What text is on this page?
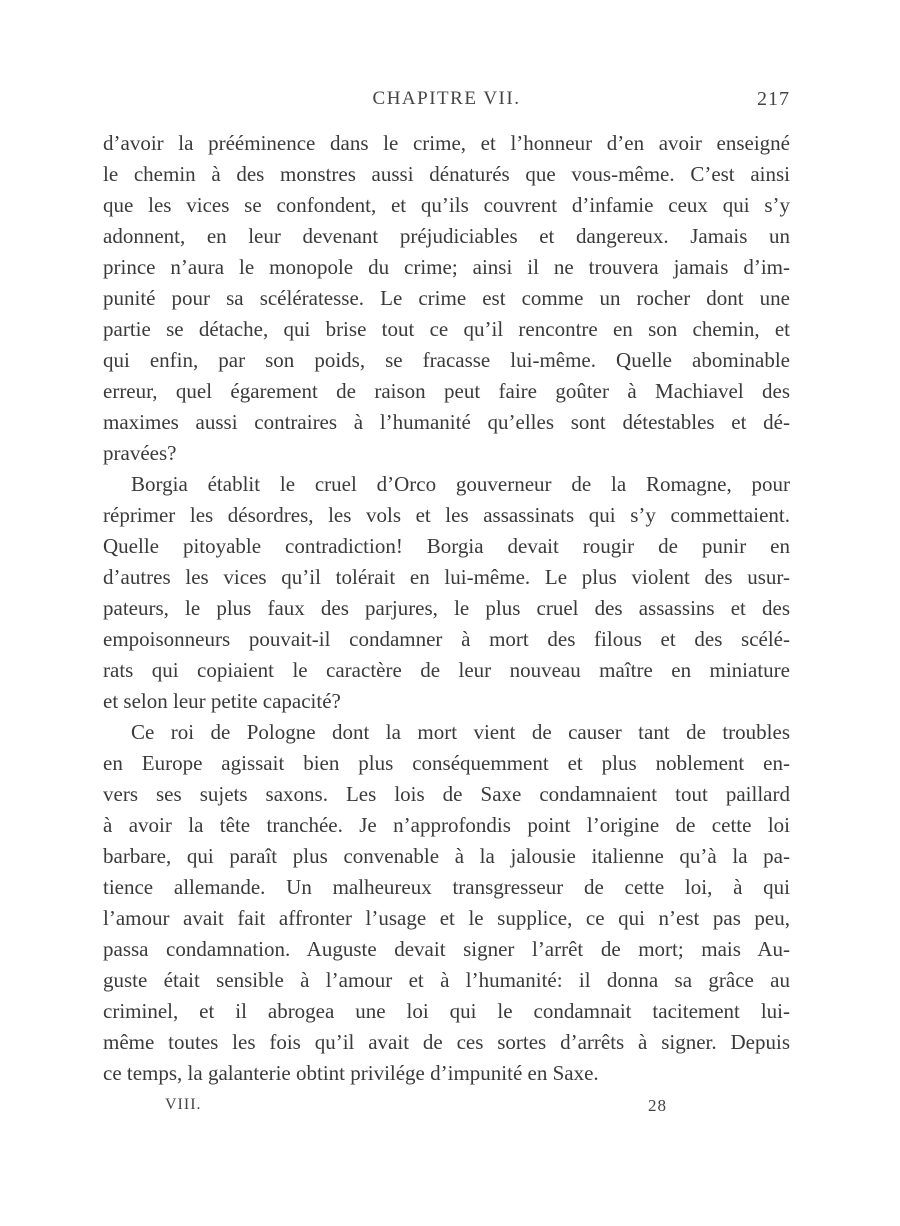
CHAPITRE VII.	217
d’avoir la prééminence dans le crime, et l’honneur d’en avoir enseigné
le chemin à des monstres aussi dénaturés que vous-même. C’est ainsi
que les vices se confondent, et qu’ils couvrent d’infamie ceux qui s’y
adonnent, en leur devenant préjudiciables et dangereux. Jamais un
prince n’aura le monopole du crime; ainsi il ne trouvera jamais d’im-
punité pour sa scélératesse. Le crime est comme un rocher dont une
partie se détache, qui brise tout ce qu’il rencontre en son chemin, et
qui enfin, par son poids, se fracasse lui-même. Quelle abominable
erreur, quel égarement de raison peut faire goûter à Machiavel des
maximes aussi contraires à l’humanité qu’elles sont détestables et dé-
pravées?
Borgia établit le cruel d’Orco gouverneur de la Romagne, pour
réprimer les désordres, les vols et les assassinats qui s’y commettaient.
Quelle pitoyable contradiction! Borgia devait rougir de punir en
d’autres les vices qu’il tolérait en lui-même. Le plus violent des usur-
pateurs, le plus faux des parjures, le plus cruel des assassins et des
empoisonneurs pouvait-il condamner à mort des filous et des scélé-
rats qui copiaient le caractère de leur nouveau maître en miniature
et selon leur petite capacité?
Ce roi de Pologne dont la mort vient de causer tant de troubles
en Europe agissait bien plus conséquemment et plus noblement en-
vers ses sujets saxons. Les lois de Saxe condamnaient tout paillard
à avoir la tête tranchée. Je n’approfondis point l’origine de cette loi
barbare, qui paraît plus convenable à la jalousie italienne qu’à la pa-
tience allemande. Un malheureux transgresseur de cette loi, à qui
l’amour avait fait affronter l’usage et le supplice, ce qui n’est pas peu,
passa condamnation. Auguste devait signer l’arrêt de mort; mais Au-
guste était sensible à l’amour et à l’humanité: il donna sa grâce au
criminel, et il abrogea une loi qui le condamnait tacitement lui-
même toutes les fois qu’il avait de ces sortes d’arrêts à signer. Depuis
ce temps, la galanterie obtint privilége d’impunité en Saxe.
VIII.	28
